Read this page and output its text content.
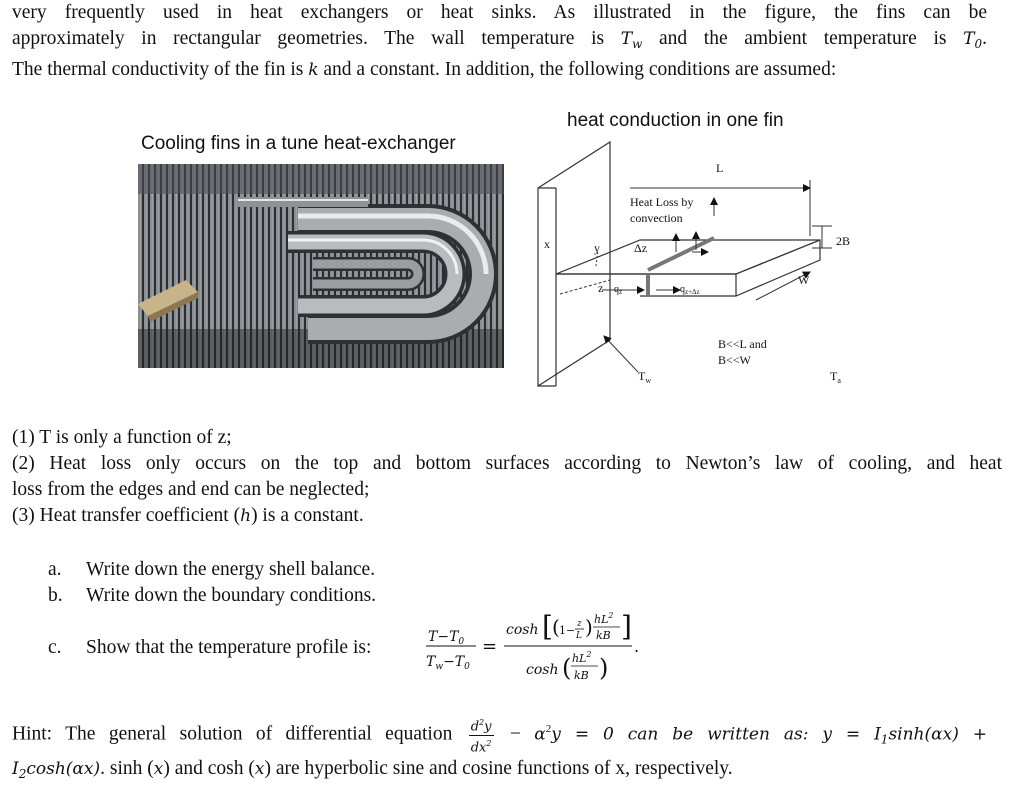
very frequently used in heat exchangers or heat sinks. As illustrated in the figure, the fins can be
approximately in rectangular geometries. The wall temperature is $T_w$ and the ambient temperature is $T_0$.
The thermal conductivity of the fin is k and a constant. In addition, the following conditions are assumed:
Cooling fins in a tune heat-exchanger
heat conduction in one fin
L
2B
Heat Loss by
convection
Δz
x	y
z $q_z$	$q_{z+\Delta z}$
W
B<<L and
B<<W
$T_w$	$T_a$
(1) T is only a function of z;
(2) Heat loss only occurs on the top and bottom surfaces according to Newton’s law of cooling, and heat
loss from the edges and end can be neglected;
(3) Heat transfer coefficient (h) is a constant.
a. Write down the energy shell balance.
b. Write down the boundary conditions.
c. Show that the temperature profile is:	$T-T_0$
$T_w-T_0$
=
cosh [ ( 1− z
L ) $hL^2$
kB ]
cosh ( $hL^2$
kB )
.
Hint: The general solution of differential equation $\frac{d^2y}{dx^2} - \alpha^2y = 0$ can be written as: $y = I_1\sinh(\alpha x)$ +
$I_2\cosh(\alpha x)$. sinh (x) and cosh (x) are hyperbolic sine and cosine functions of x, respectively.
